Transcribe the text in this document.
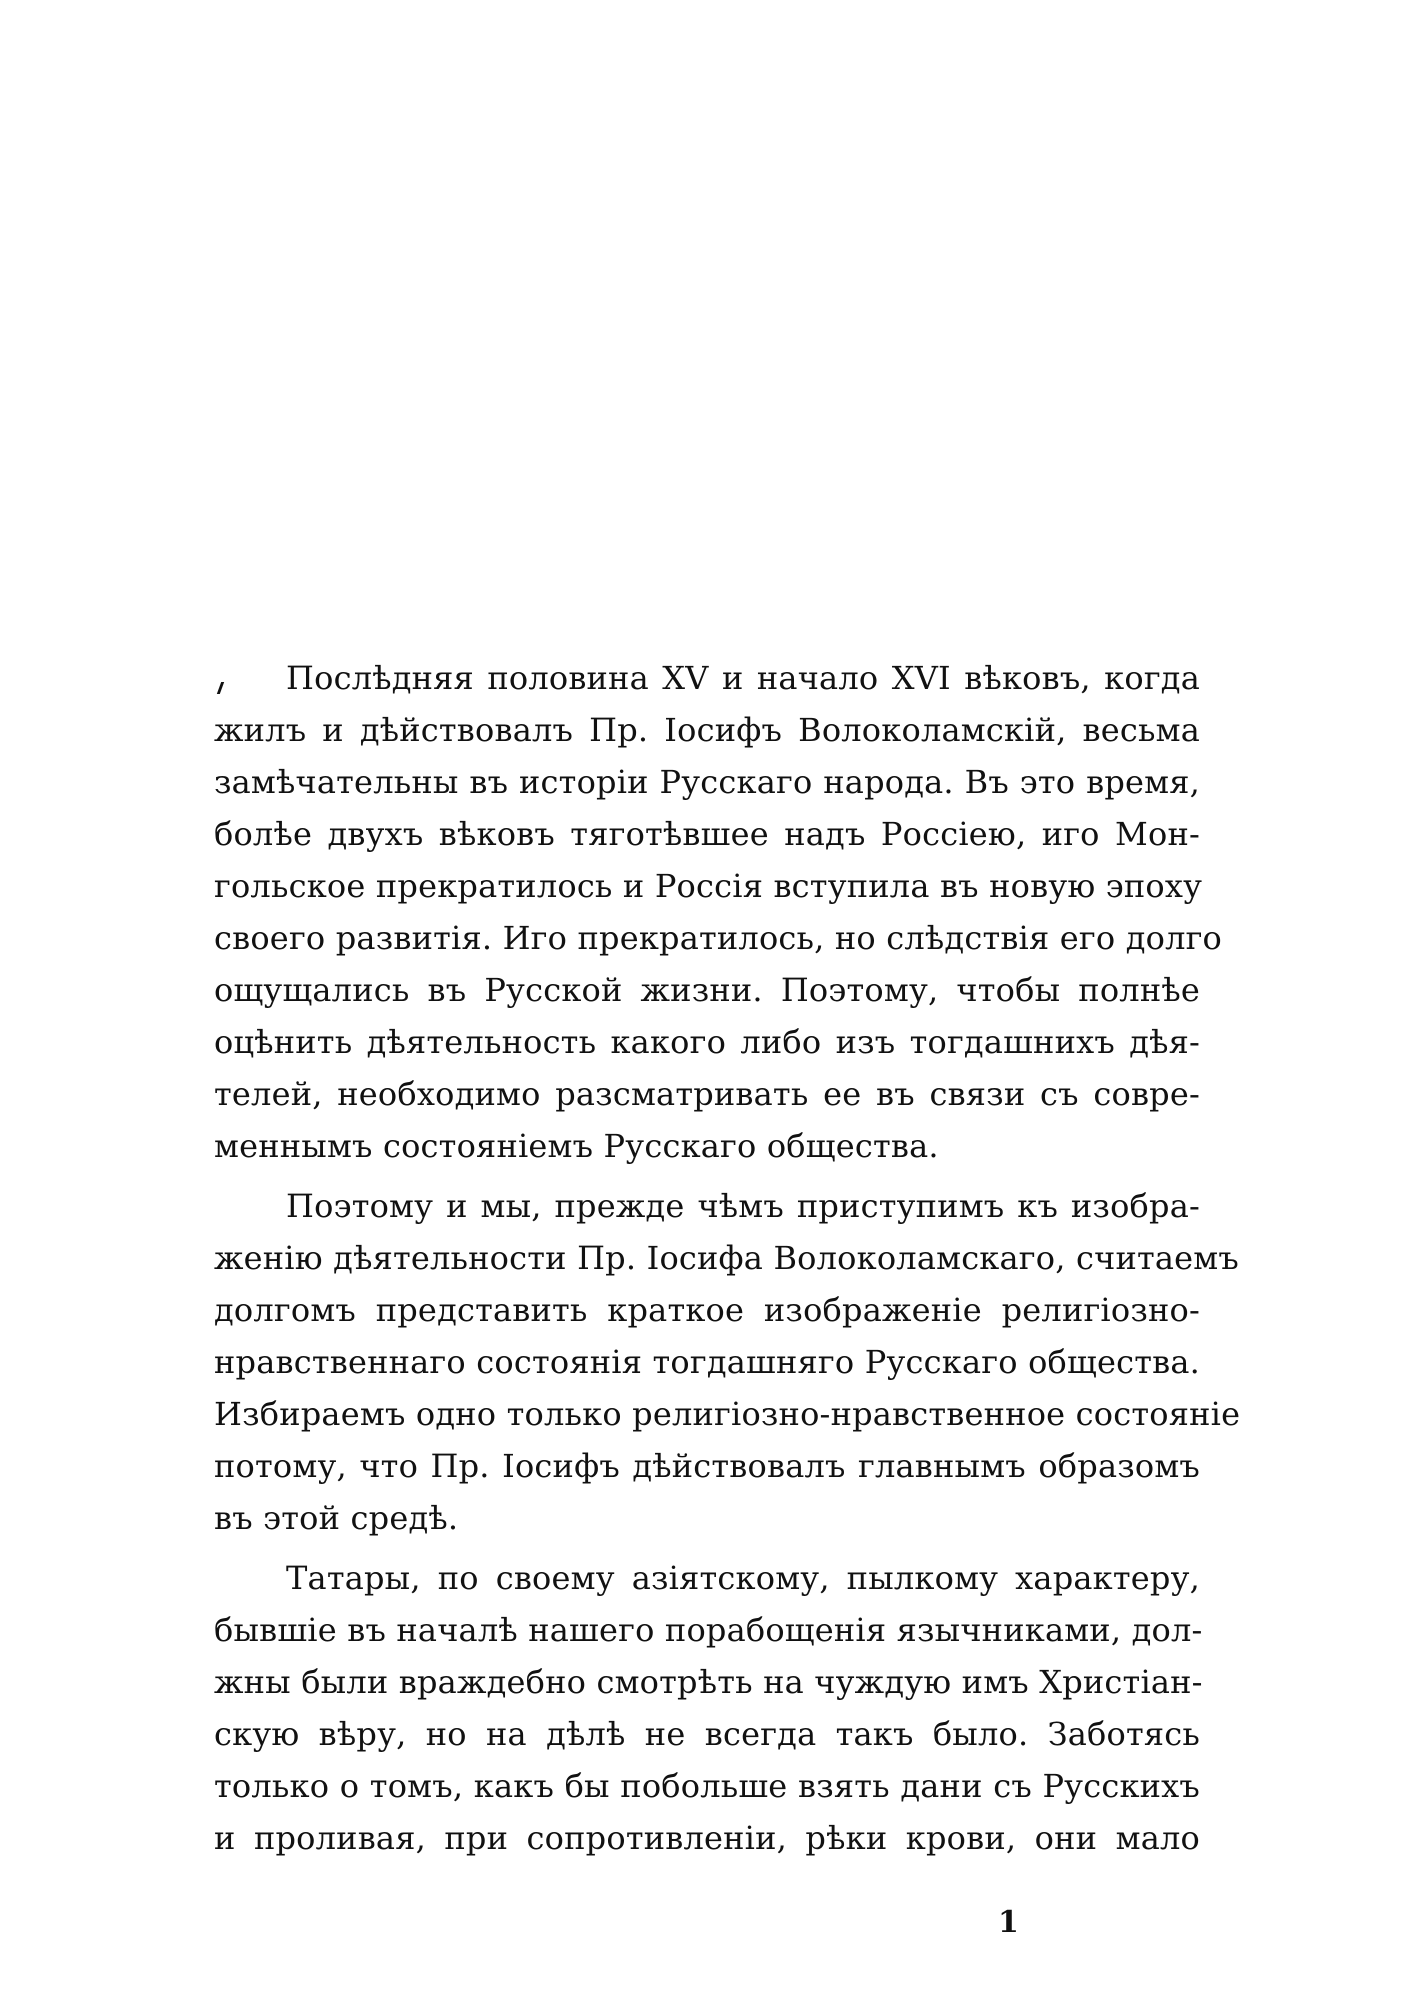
Послѣдняя половина XV и начало XVI вѣковъ, когда
жилъ и дѣйствовалъ Пр. Іосифъ Волоколамскій, весьма
замѣчательны въ исторіи Русскаго народа. Въ это время,
болѣе двухъ вѣковъ тяготѣвшее надъ Россіею, иго Мон-
гольское прекратилось и Россія вступила въ новую эпоху
своего развитія. Иго прекратилось, но слѣдствія его долго
ощущались въ Русской жизни. Поэтому, чтобы полнѣе
оцѣнить дѣятельность какого либо изъ тогдашнихъ дѣя-
телей, необходимо разсматривать ее въ связи съ совре-
меннымъ состояніемъ Русскаго общества.
Поэтому и мы, прежде чѣмъ приступимъ къ изобра-
женію дѣятельности Пр. Іосифа Волоколамскаго, считаемъ
долгомъ представить краткое изображеніе религіозно-
нравственнаго состоянія тогдашняго Русскаго общества.
Избираемъ одно только религіозно-нравственное состояніе
потому, что Пр. Іосифъ дѣйствовалъ главнымъ образомъ
въ этой средѣ.
Татары, по своему азіятскому, пылкому характеру,
бывшіе въ началѣ нашего порабощенія язычниками, дол-
жны были враждебно смотрѣть на чуждую имъ Христіан-
скую вѣру, но на дѣлѣ не всегда такъ было. Заботясь
только о томъ, какъ бы побольше взять дани съ Русскихъ
и проливая, при сопротивленіи, рѣки крови, они мало
1
